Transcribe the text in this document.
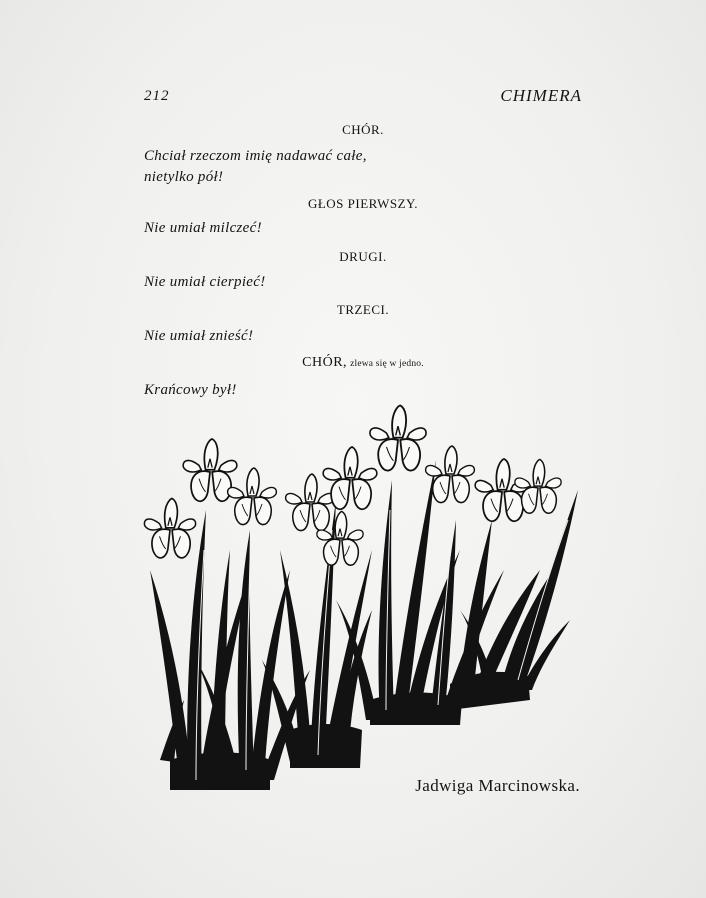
212	CHIMERA
CHÓR.
Chciał rzeczom imię nadawać całe,
nietylko pół!
GŁOS PIERWSZY.
Nie umiał milczeć!
DRUGI.
Nie umiał cierpieć!
TRZECI.
Nie umiał znieść!
CHÓR, zlewa się w jedno.
Krańcowy był!
Jadwiga Marcinowska.
